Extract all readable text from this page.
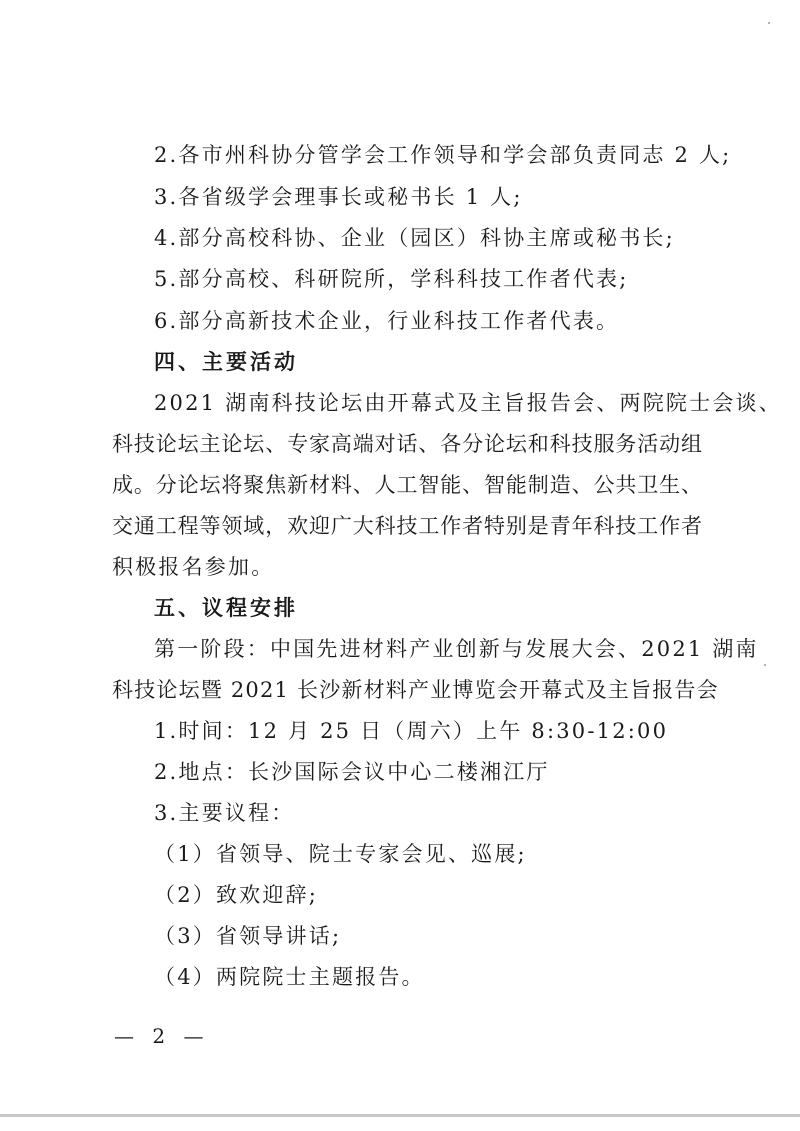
2.各市州科协分管学会工作领导和学会部负责同志 2 人;
3.各省级学会理事长或秘书长 1 人;
4.部分高校科协、企业（园区）科协主席或秘书长;
5.部分高校、科研院所，学科科技工作者代表;
6.部分高新技术企业，行业科技工作者代表。
四、主要活动
2021 湖南科技论坛由开幕式及主旨报告会、两院院士会谈、
科技论坛主论坛、专家高端对话、各分论坛和科技服务活动组
成。分论坛将聚焦新材料、人工智能、智能制造、公共卫生、
交通工程等领域，欢迎广大科技工作者特别是青年科技工作者
积极报名参加。
五、议程安排
第一阶段：中国先进材料产业创新与发展大会、2021 湖南
科技论坛暨 2021 长沙新材料产业博览会开幕式及主旨报告会
1.时间：12 月 25 日（周六）上午 8:30-12:00
2.地点：长沙国际会议中心二楼湘江厅
3.主要议程：
（1）省领导、院士专家会见、巡展;
（2）致欢迎辞;
（3）省领导讲话;
（4）两院院士主题报告。
— 2 —
